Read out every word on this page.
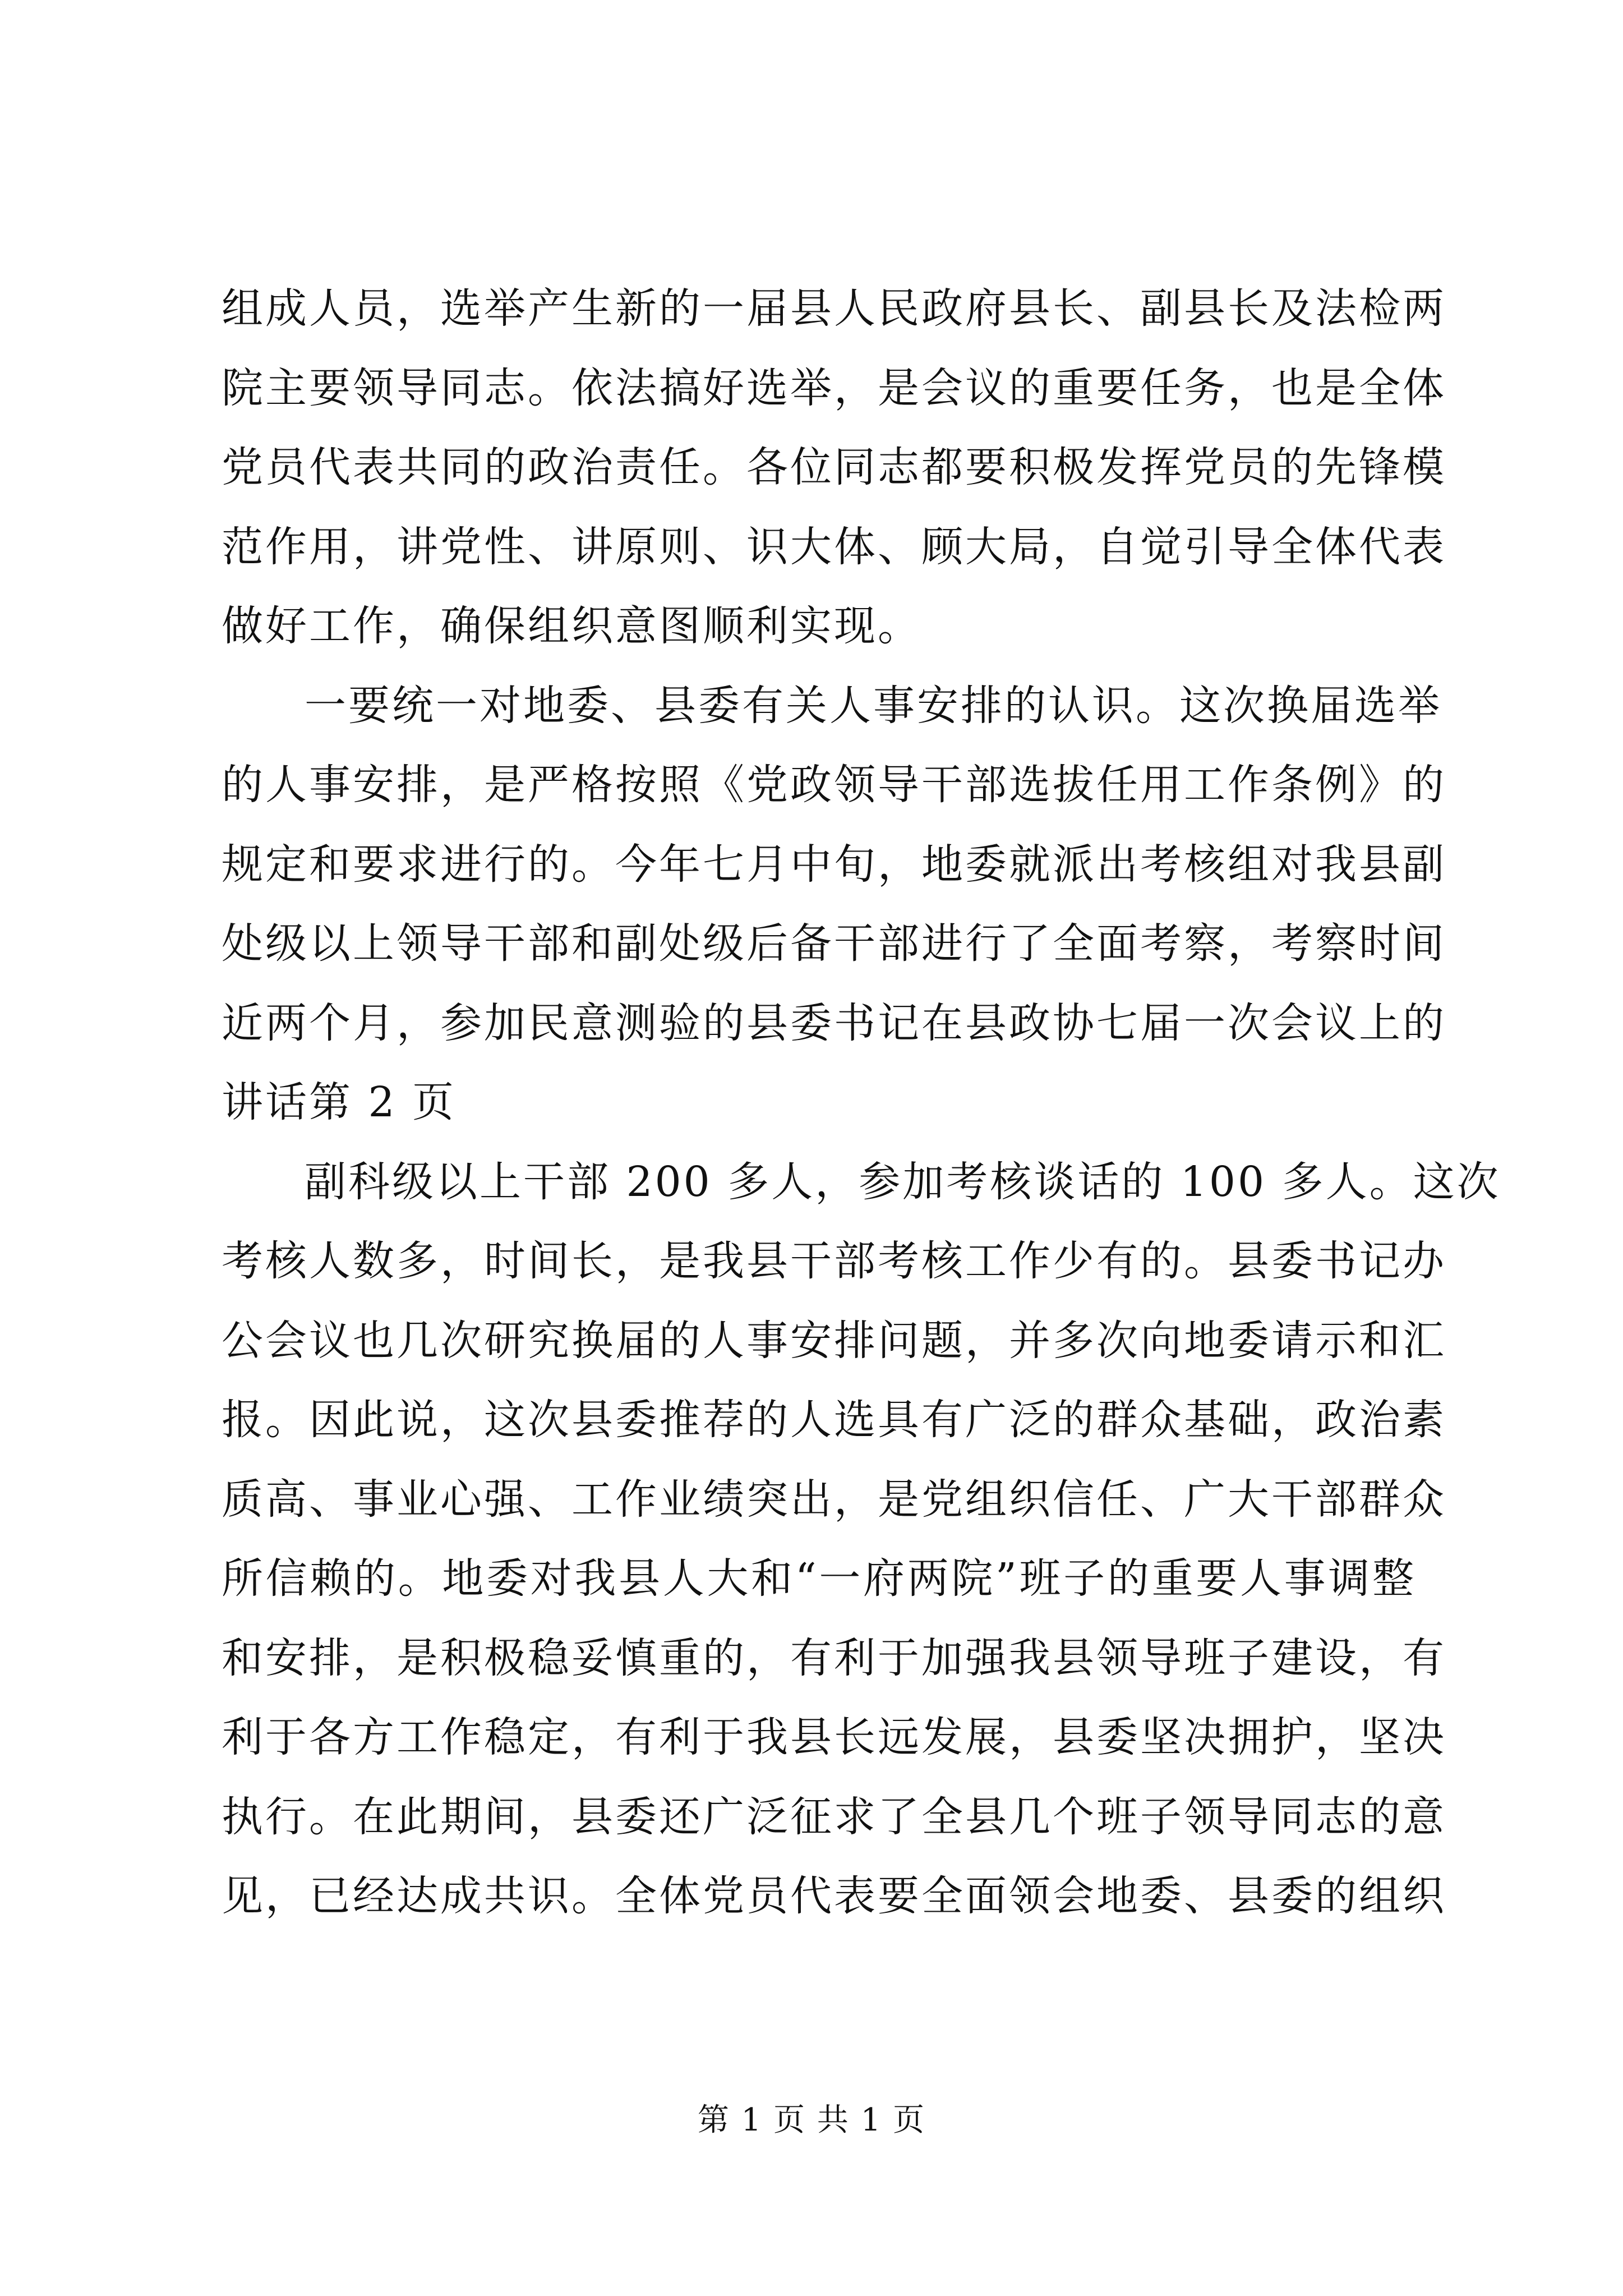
组成人员，选举产生新的一届县人民政府县长、副县长及法检两
院主要领导同志。依法搞好选举，是会议的重要任务，也是全体
党员代表共同的政治责任。各位同志都要积极发挥党员的先锋模
范作用，讲党性、讲原则、识大体、顾大局，自觉引导全体代表
做好工作，确保组织意图顺利实现。
一要统一对地委、县委有关人事安排的认识。这次换届选举
的人事安排，是严格按照《党政领导干部选拔任用工作条例》的
规定和要求进行的。今年七月中旬，地委就派出考核组对我县副
处级以上领导干部和副处级后备干部进行了全面考察，考察时间
近两个月，参加民意测验的县委书记在县政协七届一次会议上的
讲话第 2 页
副科级以上干部 200 多人，参加考核谈话的 100 多人。这次
考核人数多，时间长，是我县干部考核工作少有的。县委书记办
公会议也几次研究换届的人事安排问题，并多次向地委请示和汇
报。因此说，这次县委推荐的人选具有广泛的群众基础，政治素
质高、事业心强、工作业绩突出，是党组织信任、广大干部群众
所信赖的。地委对我县人大和“一府两院”班子的重要人事调整
和安排，是积极稳妥慎重的，有利于加强我县领导班子建设，有
利于各方工作稳定，有利于我县长远发展，县委坚决拥护，坚决
执行。在此期间，县委还广泛征求了全县几个班子领导同志的意
见，已经达成共识。全体党员代表要全面领会地委、县委的组织
第 1 页 共 1 页
